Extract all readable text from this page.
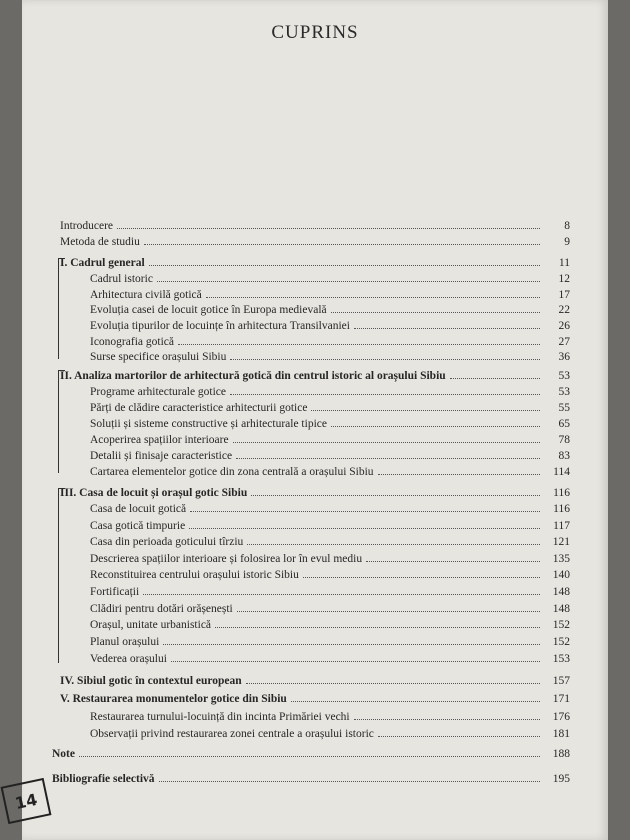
CUPRINS
Introducere	8
Metoda de studiu	9
I. Cadrul general	11
Cadrul istoric	12
Arhitectura civilă gotică	17
Evoluția casei de locuit gotice în Europa medievală	22
Evoluția tipurilor de locuințe în arhitectura Transilvaniei	26
Iconografia gotică	27
Surse specifice orașului Sibiu	36
II. Analiza martorilor de arhitectură gotică din centrul istoric al orașului Sibiu	53
Programe arhitecturale gotice	53
Părți de clădire caracteristice arhitecturii gotice	55
Soluții și sisteme constructive și arhitecturale tipice	65
Acoperirea spațiilor interioare	78
Detalii și finisaje caracteristice	83
Cartarea elementelor gotice din zona centrală a orașului Sibiu	114
III. Casa de locuit și orașul gotic Sibiu	116
Casa de locuit gotică	116
Casa gotică timpurie	117
Casa din perioada goticului tîrziu	121
Descrierea spațiilor interioare și folosirea lor în evul mediu	135
Reconstituirea centrului orașului istoric Sibiu	140
Fortificații	148
Clădiri pentru dotări orășenești	148
Orașul, unitate urbanistică	152
Planul orașului	152
Vederea orașului	153
IV. Sibiul gotic în contextul european	157
V. Restaurarea monumentelor gotice din Sibiu	171
Restaurarea turnului-locuință din incinta Primăriei vechi	176
Observații privind restaurarea zonei centrale a orașului istoric	181
Note	188
Bibliografie selectivă	195
14
